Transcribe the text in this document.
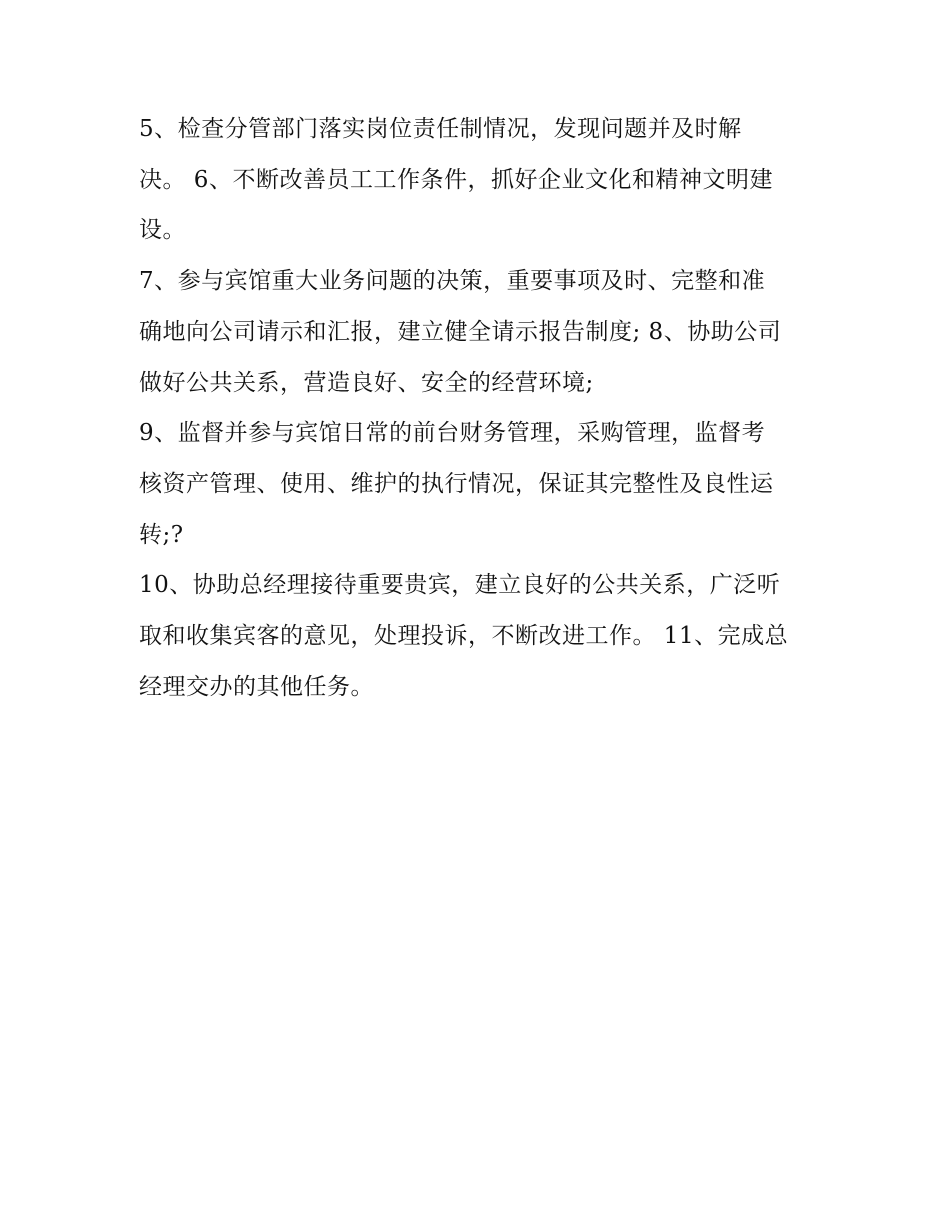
5、检查分管部门落实岗位责任制情况，发现问题并及时解
决。 6、不断改善员工工作条件，抓好企业文化和精神文明建
设。

7、参与宾馆重大业务问题的决策，重要事项及时、完整和准
确地向公司请示和汇报，建立健全请示报告制度; 8、协助公司
做好公共关系，营造良好、安全的经营环境;

9、监督并参与宾馆日常的前台财务管理，采购管理，监督考
核资产管理、使用、维护的执行情况，保证其完整性及良性运
转;?

10、协助总经理接待重要贵宾，建立良好的公共关系，广泛听
取和收集宾客的意见，处理投诉，不断改进工作。 11、完成总
经理交办的其他任务。
